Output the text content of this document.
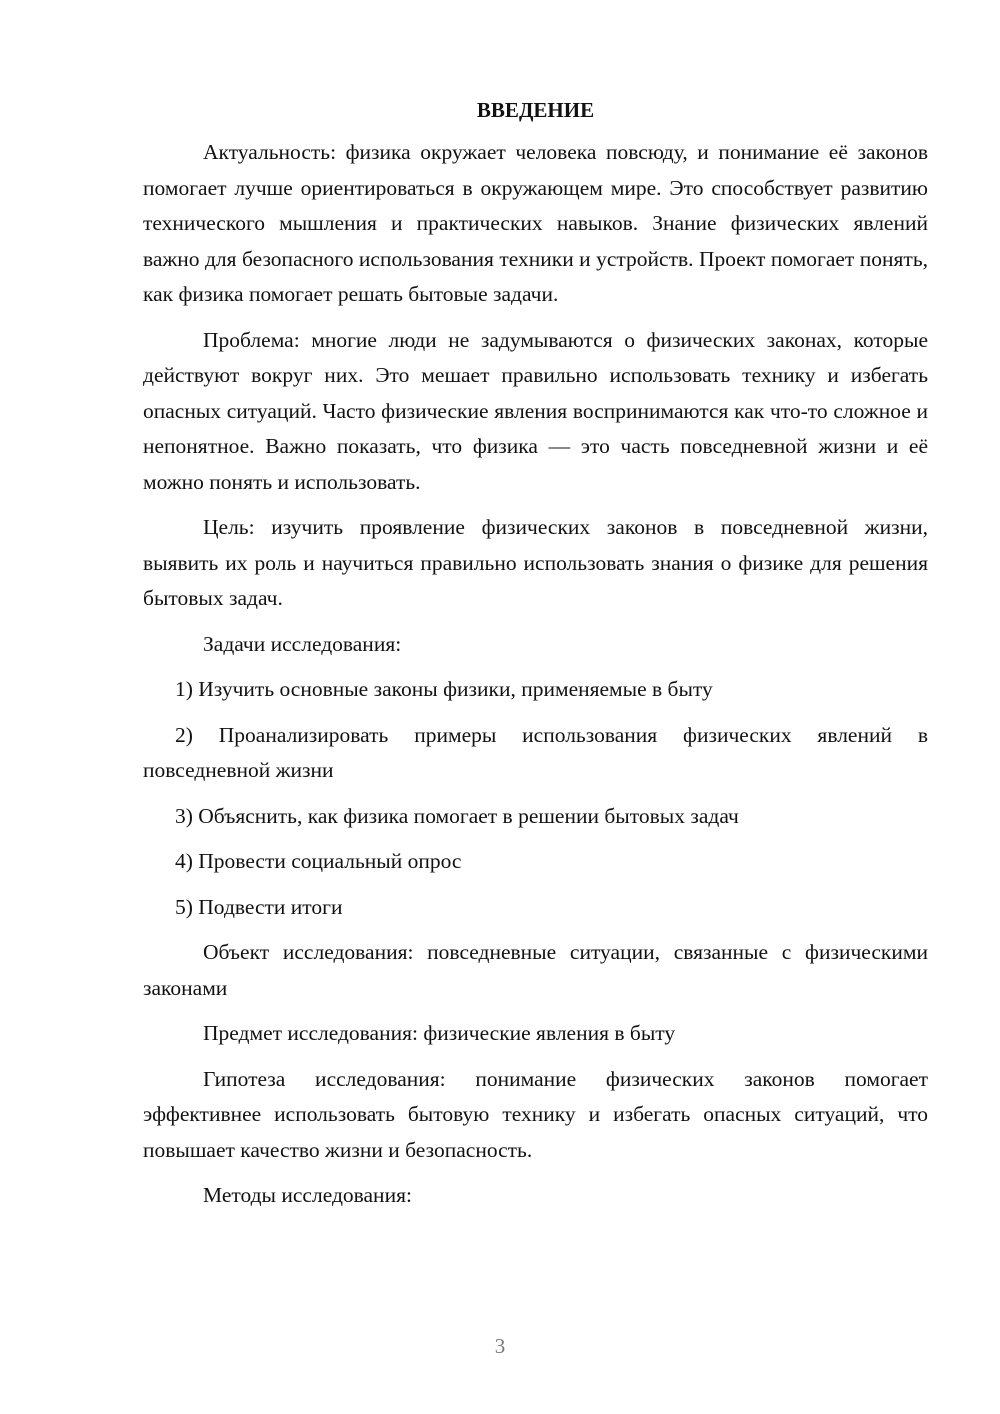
ВВЕДЕНИЕ

Актуальность: физика окружает человека повсюду, и понимание её законов помогает лучше ориентироваться в окружающем мире. Это способствует развитию технического мышления и практических навыков. Знание физических явлений важно для безопасного использования техники и устройств. Проект помогает понять, как физика помогает решать бытовые задачи.

Проблема: многие люди не задумываются о физических законах, которые действуют вокруг них. Это мешает правильно использовать технику и избегать опасных ситуаций. Часто физические явления воспринимаются как что-то сложное и непонятное. Важно показать, что физика — это часть повседневной жизни и её можно понять и использовать.

Цель: изучить проявление физических законов в повседневной жизни, выявить их роль и научиться правильно использовать знания о физике для решения бытовых задач.

Задачи исследования:

1) Изучить основные законы физики, применяемые в быту

2) Проанализировать примеры использования физических явлений в повседневной жизни

3) Объяснить, как физика помогает в решении бытовых задач

4) Провести социальный опрос

5) Подвести итоги

Объект исследования: повседневные ситуации, связанные с физическими законами

Предмет исследования: физические явления в быту

Гипотеза исследования: понимание физических законов помогает эффективнее использовать бытовую технику и избегать опасных ситуаций, что повышает качество жизни и безопасность.

Методы исследования:

3
